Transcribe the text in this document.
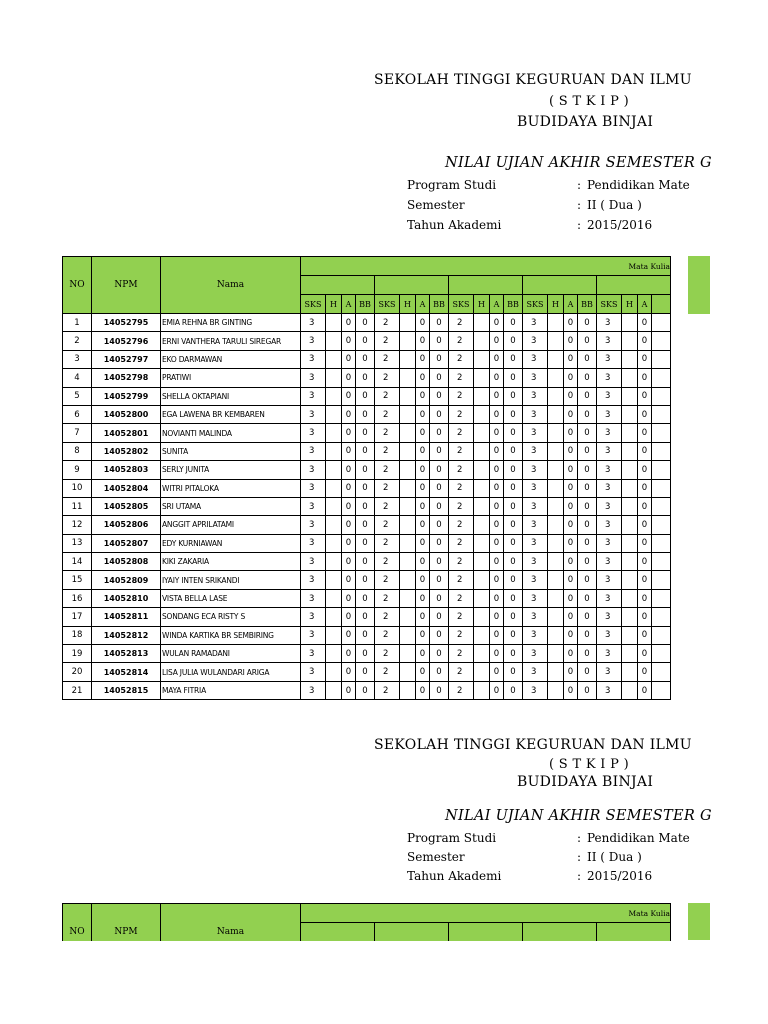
SEKOLAH TINGGI KEGURUAN DAN ILMU
( S T K I P )
BUDIDAYA BINJAI
NILAI UJIAN AKHIR SEMESTER G
Program Studi	: Pendidikan Mate
Semester	: II ( Dua )
Tahun Akademi	: 2015/2016
NO	NPM	Nama	Mata Kulia																			

			SKS	H	A	BB	SKS	H	A	BB	SKS	H	A	BB	SKS	H	A	BB	SKS	H	A	
1	14052795	EMIA REHNA BR GINTING	3		0	0	2		0	0	2		0	0	3		0	0	3		0	
2	14052796	ERNI VANTHERA TARULI SIREGAR	3		0	0	2		0	0	2		0	0	3		0	0	3		0	
3	14052797	EKO DARMAWAN	3		0	0	2		0	0	2		0	0	3		0	0	3		0	
4	14052798	PRATIWI	3		0	0	2		0	0	2		0	0	3		0	0	3		0	
5	14052799	SHELLA OKTAPIANI	3		0	0	2		0	0	2		0	0	3		0	0	3		0	
6	14052800	EGA LAWENA BR KEMBAREN	3		0	0	2		0	0	2		0	0	3		0	0	3		0	
7	14052801	NOVIANTI MALINDA	3		0	0	2		0	0	2		0	0	3		0	0	3		0	
8	14052802	SUNITA	3		0	0	2		0	0	2		0	0	3		0	0	3		0	
9	14052803	SERLY JUNITA	3		0	0	2		0	0	2		0	0	3		0	0	3		0	
10	14052804	WITRI PITALOKA	3		0	0	2		0	0	2		0	0	3		0	0	3		0	
11	14052805	SRI UTAMA	3		0	0	2		0	0	2		0	0	3		0	0	3		0	
12	14052806	ANGGIT APRILATAMI	3		0	0	2		0	0	2		0	0	3		0	0	3		0	
13	14052807	EDY KURNIAWAN	3		0	0	2		0	0	2		0	0	3		0	0	3		0	
14	14052808	KIKI ZAKARIA	3		0	0	2		0	0	2		0	0	3		0	0	3		0	
15	14052809	IYAIY INTEN SRIKANDI	3		0	0	2		0	0	2		0	0	3		0	0	3		0	
16	14052810	VISTA BELLA LASE	3		0	0	2		0	0	2		0	0	3		0	0	3		0	
17	14052811	SONDANG ECA RISTY S	3		0	0	2		0	0	2		0	0	3		0	0	3		0	
18	14052812	WINDA KARTIKA BR SEMBIRING	3		0	0	2		0	0	2		0	0	3		0	0	3		0	
19	14052813	WULAN RAMADANI	3		0	0	2		0	0	2		0	0	3		0	0	3		0	
20	14052814	LISA JULIA WULANDARI ARIGA	3		0	0	2		0	0	2		0	0	3		0	0	3		0	
21	14052815	MAYA FITRIA	3		0	0	2		0	0	2		0	0	3		0	0	3		0	
SEKOLAH TINGGI KEGURUAN DAN ILMU
( S T K I P )
BUDIDAYA BINJAI
NILAI UJIAN AKHIR SEMESTER G
Program Studi	: Pendidikan Mate
Semester	: II ( Dua )
Tahun Akademi	: 2015/2016
NO	NPM	Nama	Mata Kulia				
